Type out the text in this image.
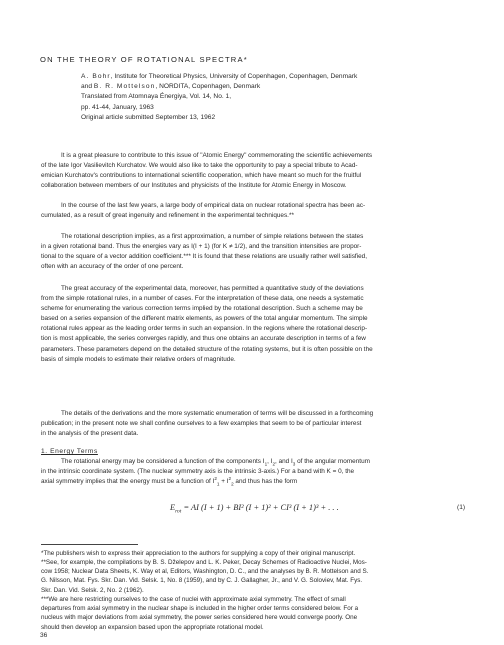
ON THE THEORY OF ROTATIONAL SPECTRA*
A. Bohr, Institute for Theoretical Physics, University of Copenhagen, Copenhagen, Denmark
and B. R. Mottelson, NORDITA, Copenhagen, Denmark
Translated from Atomnaya Énergiya, Vol. 14, No. 1,
pp. 41-44, January, 1963
Original article submitted September 13, 1962

It is a great pleasure to contribute to this issue of "Atomic Energy" commemorating the scientific achievements
of the late Igor Vasilievitch Kurchatov. We would also like to take the opportunity to pay a special tribute to Acad-
emician Kurchatov's contributions to international scientific cooperation, which have meant so much for the fruitful
collaboration between members of our Institutes and physicists of the Institute for Atomic Energy in Moscow.

In the course of the last few years, a large body of empirical data on nuclear rotational spectra has been ac-
cumulated, as a result of great ingenuity and refinement in the experimental techniques.**

The rotational description implies, as a first approximation, a number of simple relations between the states
in a given rotational band. Thus the energies vary as I(I + 1) (for K ≠ 1/2), and the transition intensities are propor-
tional to the square of a vector addition coefficient.*** It is found that these relations are usually rather well satisfied,
often with an accuracy of the order of one percent.

The great accuracy of the experimental data, moreover, has permitted a quantitative study of the deviations
from the simple rotational rules, in a number of cases. For the interpretation of these data, one needs a systematic
scheme for enumerating the various correction terms implied by the rotational description. Such a scheme may be
based on a series expansion of the different matrix elements, as powers of the total angular momentum. The simple
rotational rules appear as the leading order terms in such an expansion. In the regions where the rotational descrip-
tion is most applicable, the series converges rapidly, and thus one obtains an accurate description in terms of a few
parameters. These parameters depend on the detailed structure of the rotating systems, but it is often possible on the
basis of simple models to estimate their relative orders of magnitude.

The details of the derivations and the more systematic enumeration of terms will be discussed in a forthcoming
publication; in the present note we shall confine ourselves to a few examples that seem to be of particular interest
in the analysis of the present data.

1. Energy Terms

The rotational energy may be considered a function of the components $I_1$, $I_2$, and $I_3$ of the angular momentum
in the intrinsic coordinate system. (The nuclear symmetry axis is the intrinsic 3-axis.) For a band with K = 0, the
axial symmetry implies that the energy must be a function of $I^2_1 + I^2_2$ and thus has the form

$E_{rot}$ = AI (I + 1) + BI² (I + 1)² + CI³ (I + 1)³ + . . .	(1)

*The publishers wish to express their appreciation to the authors for supplying a copy of their original manuscript.

**See, for example, the compilations by B. S. Dželepov and L. K. Peker, Decay Schemes of Radioactive Nuclei, Mos-
cow 1958; Nuclear Data Sheets, K. Way et al, Editors, Washington, D. C., and the analyses by B. R. Mottelson and S.
G. Nilsson, Mat. Fys. Skr. Dan. Vid. Selsk. 1, No. 8 (1959), and by C. J. Gallagher, Jr., and V. G. Soloviev, Mat. Fys.
Skr. Dan. Vid. Selsk. 2, No. 2 (1962).

***We are here restricting ourselves to the case of nuclei with approximate axial symmetry. The effect of small
departures from axial symmetry in the nuclear shape is included in the higher order terms considered below. For a
nucleus with major deviations from axial symmetry, the power series considered here would converge poorly. One
should then develop an expansion based upon the appropriate rotational model.

36
